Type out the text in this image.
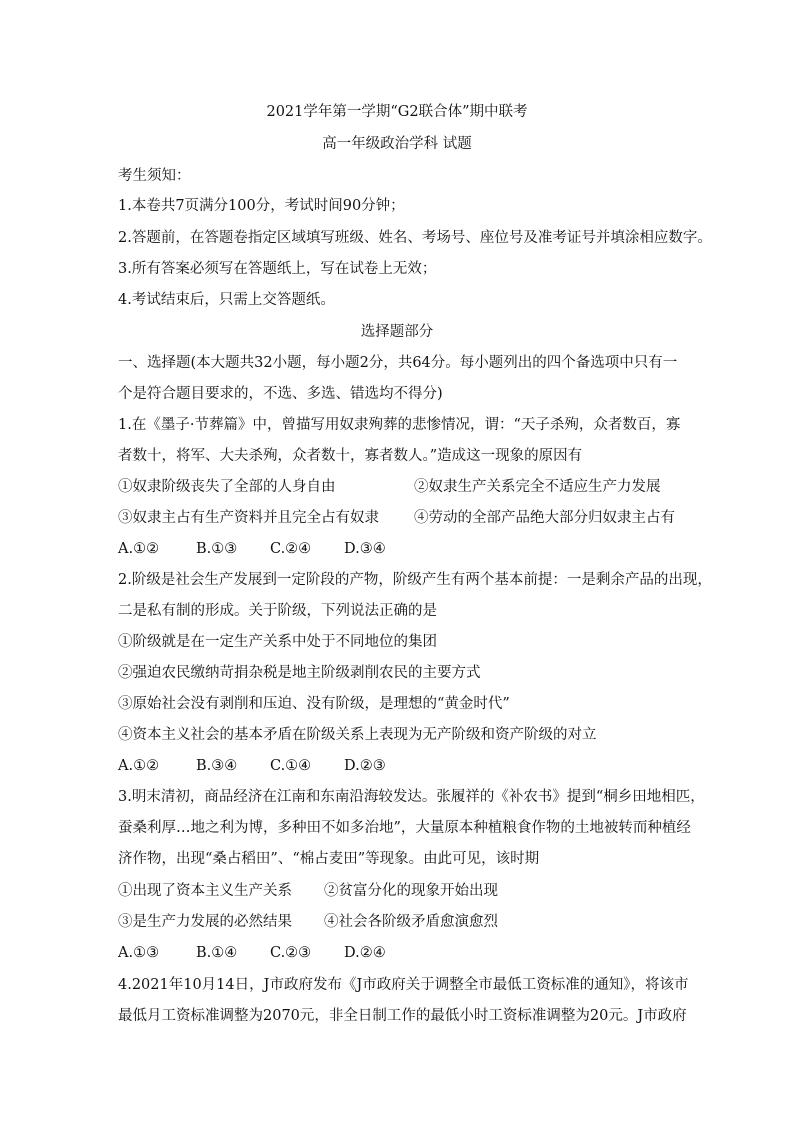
2021学年第一学期“G2联合体”期中联考
高一年级政治学科 试题
考生须知：
1.本卷共7页满分100分，考试时间90分钟；
2.答题前，在答题卷指定区域填写班级、姓名、考场号、座位号及准考证号并填涂相应数字。
3.所有答案必须写在答题纸上，写在试卷上无效；
4.考试结束后，只需上交答题纸。
选择题部分
一、选择题(本大题共32小题，每小题2分，共64分。每小题列出的四个备选项中只有一
个是符合题目要求的，不选、多选、错选均不得分)
1.在《墨子·节葬篇》中，曾描写用奴隶殉葬的悲惨情况，谓：“天子杀殉，众者数百，寡
者数十，将军、大夫杀殉，众者数十，寡者数人。”造成这一现象的原因有
①奴隶阶级丧失了全部的人身自由	②奴隶生产关系完全不适应生产力发展
③奴隶主占有生产资料并且完全占有奴隶 ④劳动的全部产品绝大部分归奴隶主占有
A.①②	B.①③ C.②④ D.③④
2.阶级是社会生产发展到一定阶段的产物，阶级产生有两个基本前提：一是剩余产品的出现，
二是私有制的形成。关于阶级，下列说法正确的是
①阶级就是在一定生产关系中处于不同地位的集团
②强迫农民缴纳苛捐杂税是地主阶级剥削农民的主要方式
③原始社会没有剥削和压迫、没有阶级，是理想的“黄金时代”
④资本主义社会的基本矛盾在阶级关系上表现为无产阶级和资产阶级的对立
A.①②	B.③④ C.①④ D.②③
3.明末清初，商品经济在江南和东南沿海较发达。张履祥的《补农书》提到“桐乡田地相匹，
蚕桑利厚…地之利为博，多种田不如多治地”，大量原本种植粮食作物的土地被转而种植经
济作物，出现“桑占稻田”、“棉占麦田”等现象。由此可见，该时期
①出现了资本主义生产关系 ②贫富分化的现象开始出现
③是生产力发展的必然结果 ④社会各阶级矛盾愈演愈烈
A.①③	B.①④ C.②③ D.②④
4.2021年10月14日，J市政府发布《J市政府关于调整全市最低工资标准的通知》，将该市
最低月工资标准调整为2070元，非全日制工作的最低小时工资标准调整为20元。J市政府
